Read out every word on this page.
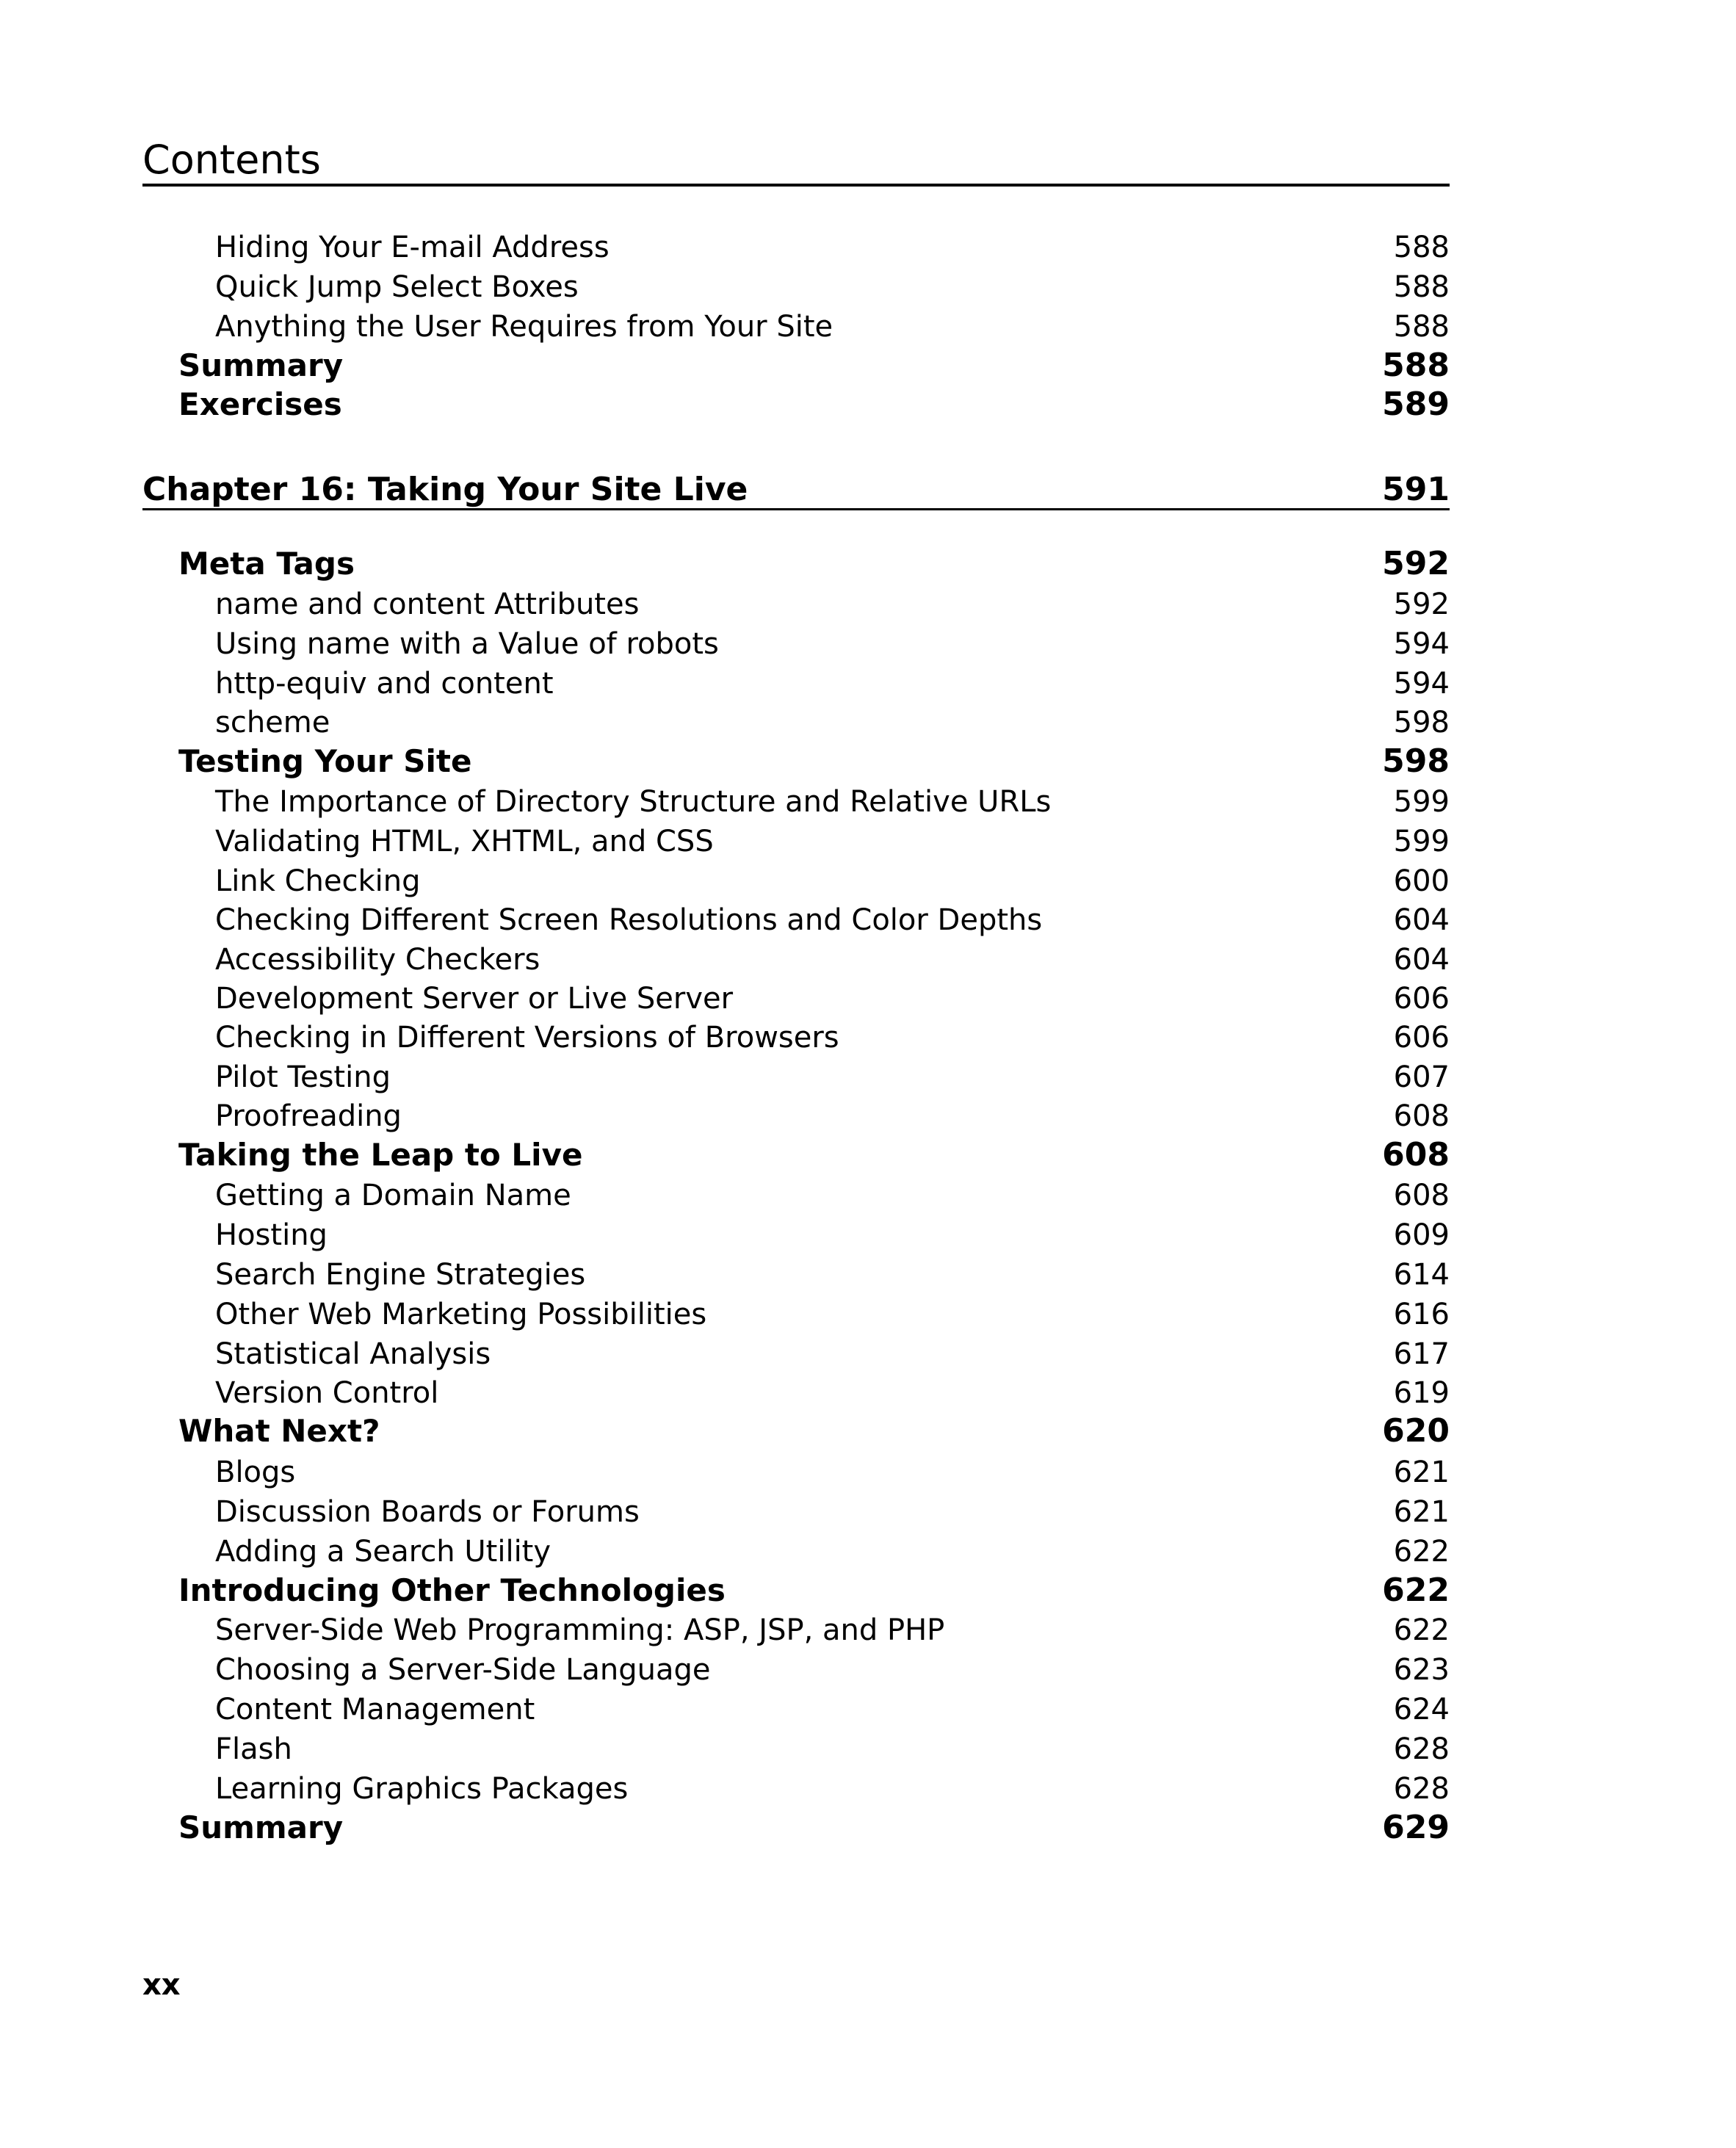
Contents
Hiding Your E-mail Address	588
Quick Jump Select Boxes	588
Anything the User Requires from Your Site	588
Summary	588
Exercises	589
Chapter 16: Taking Your Site Live	591
Meta Tags	592
name and content Attributes	592
Using name with a Value of robots	594
http-equiv and content	594
scheme	598
Testing Your Site	598
The Importance of Directory Structure and Relative URLs	599
Validating HTML, XHTML, and CSS	599
Link Checking	600
Checking Different Screen Resolutions and Color Depths	604
Accessibility Checkers	604
Development Server or Live Server	606
Checking in Different Versions of Browsers	606
Pilot Testing	607
Proofreading	608
Taking the Leap to Live	608
Getting a Domain Name	608
Hosting	609
Search Engine Strategies	614
Other Web Marketing Possibilities	616
Statistical Analysis	617
Version Control	619
What Next?	620
Blogs	621
Discussion Boards or Forums	621
Adding a Search Utility	622
Introducing Other Technologies	622
Server-Side Web Programming: ASP, JSP, and PHP	622
Choosing a Server-Side Language	623
Content Management	624
Flash	628
Learning Graphics Packages	628
Summary	629
xx
